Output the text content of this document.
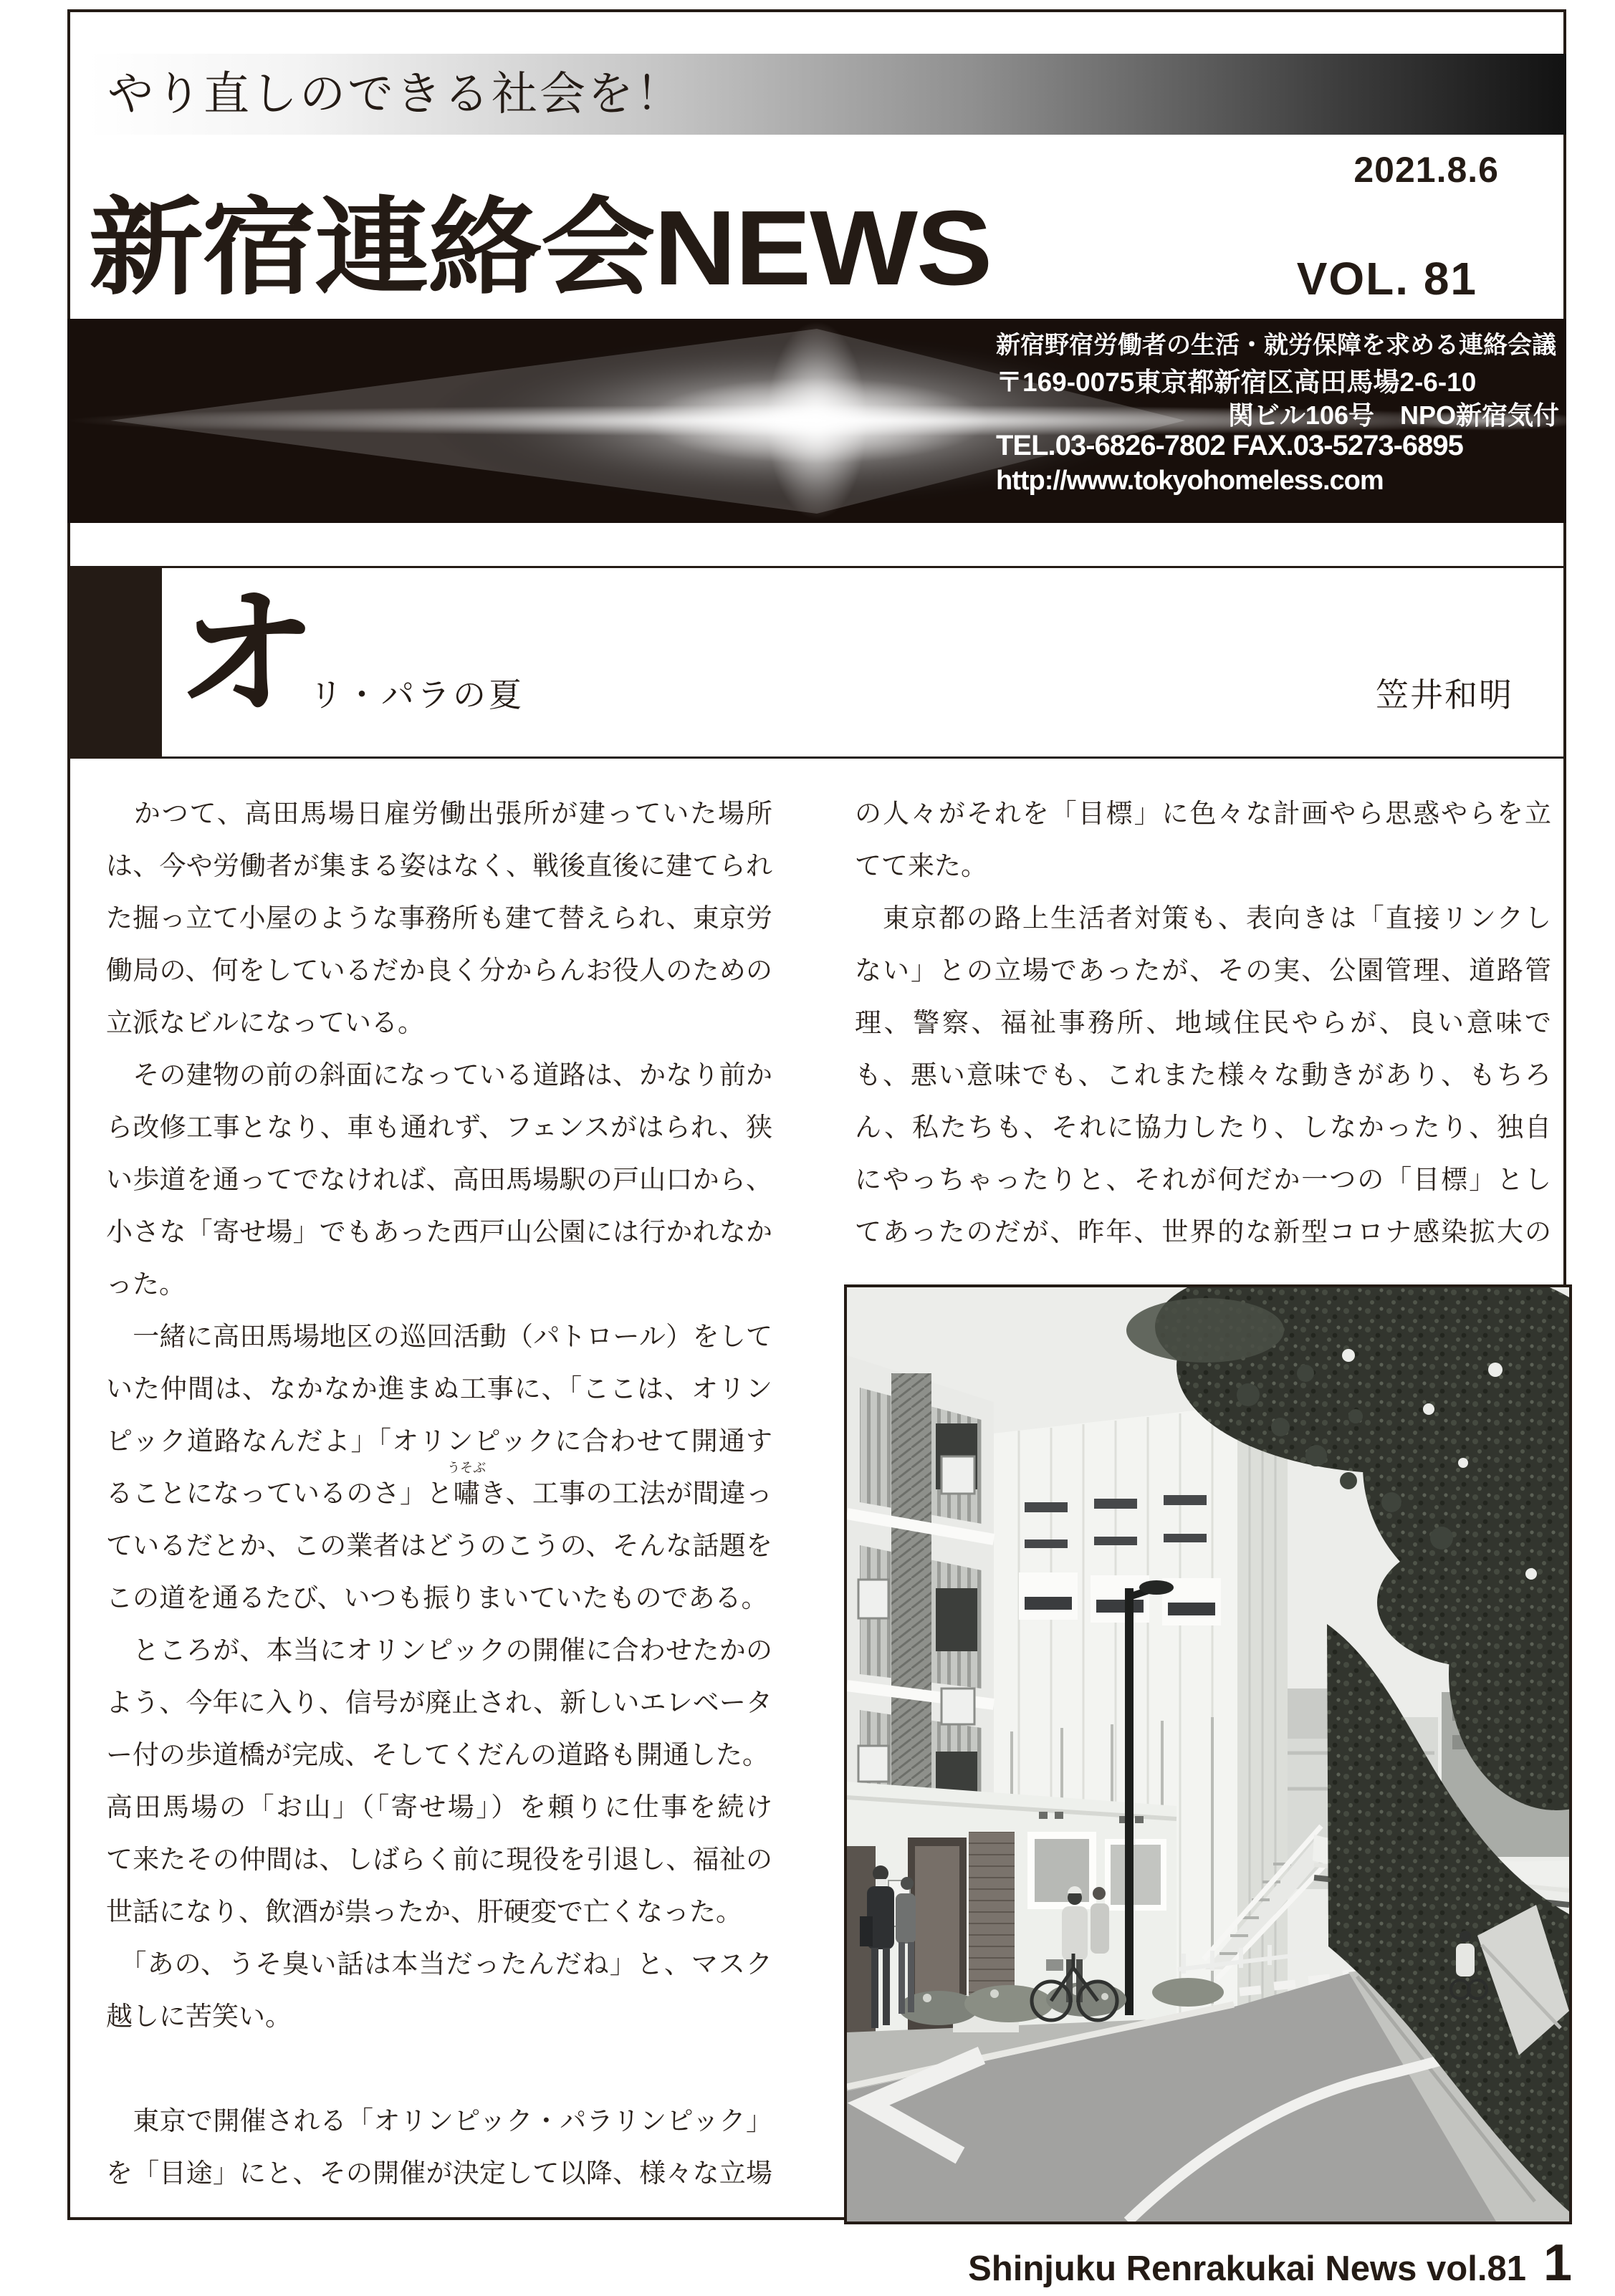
やり直しのできる社会を！
2021.8.6
新宿連絡会NEWS	VOL. 81
新宿野宿労働者の生活・就労保障を求める連絡会議
〒169-0075東京都新宿区高田馬場2-6-10
関ビル106号　NPO新宿気付
TEL.03-6826-7802 FAX.03-5273-6895
http://www.tokyohomeless.com
オ
リ・パラの夏	笠井和明
　かつて、高田馬場日雇労働出張所が建っていた場所
は、今や労働者が集まる姿はなく、戦後直後に建てられ
た掘っ立て小屋のような事務所も建て替えられ、東京労
働局の、何をしているだか良く分からんお役人のための
立派なビルになっている。
　その建物の前の斜面になっている道路は、かなり前か
ら改修工事となり、車も通れず、フェンスがはられ、狭
い歩道を通ってでなければ、高田馬場駅の戸山口から、
小さな「寄せ場」でもあった西戸山公園には行かれなか
った。
　一緒に高田馬場地区の巡回活動（パトロール）をして
いた仲間は、なかなか進まぬ工事に、「ここは、オリン
ピック道路なんだよ」「オリンピックに合わせて開通す
ることになっているのさ」と嘯
うそぶ
き、工事の工法が間違っ
ているだとか、この業者はどうのこうの、そんな話題を
この道を通るたび、いつも振りまいていたものである。
　ところが、本当にオリンピックの開催に合わせたかの
よう、今年に入り、信号が廃止され、新しいエレベータ
ー付の歩道橋が完成、そしてくだんの道路も開通した。
高田馬場の「お山」（「寄せ場」）を頼りに仕事を続け
て来たその仲間は、しばらく前に現役を引退し、福祉の
世話になり、飲酒が祟ったか、肝硬変で亡くなった。
　「あの、うそ臭い話は本当だったんだね」と、マスク
越しに苦笑い。
　東京で開催される「オリンピック・パラリンピック」
を「目途」にと、その開催が決定して以降、様々な立場
の人々がそれを「目標」に色々な計画やら思惑やらを立
てて来た。
　東京都の路上生活者対策も、表向きは「直接リンクし
ない」との立場であったが、その実、公園管理、道路管
理、警察、福祉事務所、地域住民やらが、良い意味で
も、悪い意味でも、これまた様々な動きがあり、もちろ
ん、私たちも、それに協力したり、しなかったり、独自
にやっちゃったりと、それが何だか一つの「目標」とし
てあったのだが、昨年、世界的な新型コロナ感染拡大の
Shinjuku Renrakukai News vol.81 1
